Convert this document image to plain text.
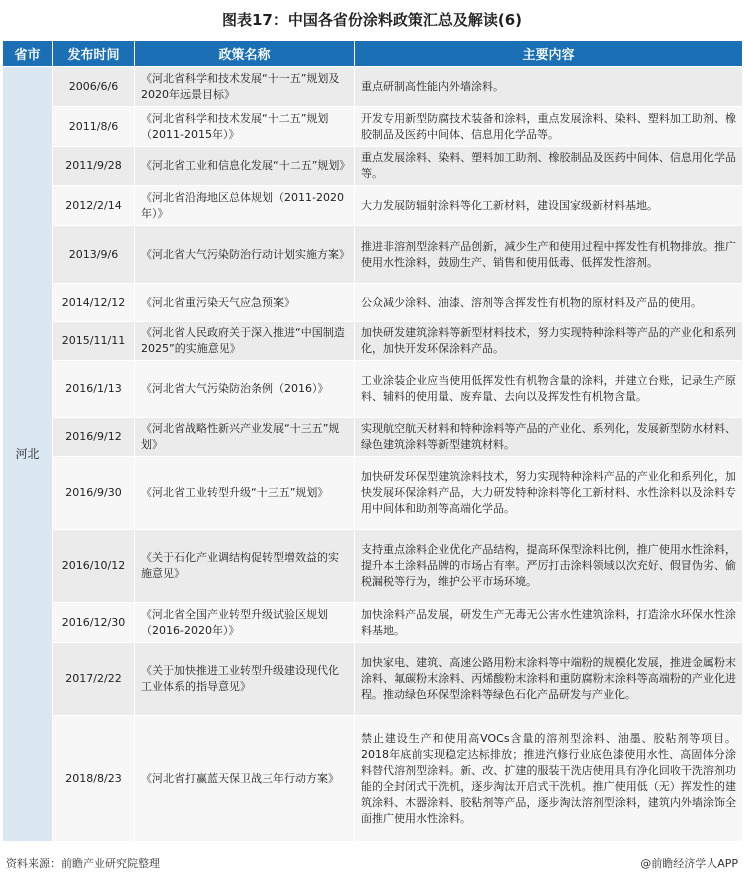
图表17：中国各省份涂料政策汇总及解读(6)
省市	发布时间	政策名称	主要内容
河北	2006/6/6	《河北省科学和技术发展“十一五”规划及2020年远景目标》	重点研制高性能内外墙涂料。
	2011/8/6	《河北省科学和技术发展“十二五”规划（2011-2015年）》	开发专用新型防腐技术装备和涂料，重点发展涂料、染料、塑料加工助剂、橡胶制品及医药中间体、信息用化学品等。
	2011/9/28	《河北省工业和信息化发展“十二五”规划》	重点发展涂料、染料、塑料加工助剂、橡胶制品及医药中间体、信息用化学品等。
	2012/2/14	《河北省沿海地区总体规划（2011-2020年）》	大力发展防辐射涂料等化工新材料，建设国家级新材料基地。
	2013/9/6	《河北省大气污染防治行动计划实施方案》	推进非溶剂型涂料产品创新，减少生产和使用过程中挥发性有机物排放。推广使用水性涂料，鼓励生产、销售和使用低毒、低挥发性溶剂。
	2014/12/12	《河北省重污染天气应急预案》	公众减少涂料、油漆、溶剂等含挥发性有机物的原材料及产品的使用。
	2015/11/11	《河北省人民政府关于深入推进“中国制造2025”的实施意见》	加快研发建筑涂料等新型材料技术，努力实现特种涂料等产品的产业化和系列化，加快开发环保涂料产品。
	2016/1/13	《河北省大气污染防治条例（2016）》	工业涂装企业应当使用低挥发性有机物含量的涂料，并建立台账，记录生产原料、辅料的使用量、废弃量、去向以及挥发性有机物含量。
	2016/9/12	《河北省战略性新兴产业发展“十三五”规划》	实现航空航天材料和特种涂料等产品的产业化、系列化，发展新型防水材料、绿色建筑涂料等新型建筑材料。
	2016/9/30	《河北省工业转型升级“十三五”规划》	加快研发环保型建筑涂料技术，努力实现特种涂料产品的产业化和系列化，加快发展环保涂料产品，大力研发特种涂料等化工新材料、水性涂料以及涂料专用中间体和助剂等高端化学品。
	2016/10/12	《关于石化产业调结构促转型增效益的实施意见》	支持重点涂料企业优化产品结构，提高环保型涂料比例，推广使用水性涂料，提升本土涂料品牌的市场占有率。严厉打击涂料领域以次充好、假冒伪劣、偷税漏税等行为，维护公平市场环境。
	2016/12/30	《河北省全国产业转型升级试验区规划（2016-2020年）》	加快涂料产品发展，研发生产无毒无公害水性建筑涂料，打造涂水环保水性涂料基地。
	2017/2/22	《关于加快推进工业转型升级建设现代化工业体系的指导意见》	加快家电、建筑、高速公路用粉末涂料等中端粉的规模化发展，推进金属粉末涂料、氟碳粉末涂料、丙烯酸粉末涂料和重防腐粉末涂料等高端粉的产业化进程。推动绿色环保型涂料等绿色石化产品研发与产业化。
	2018/8/23	《河北省打赢蓝天保卫战三年行动方案》	禁止建设生产和使用高VOCs含量的溶剂型涂料、油墨、胶粘剂等项目。2018年底前实现稳定达标排放；推进汽修行业底色漆使用水性、高固体分涂料替代溶剂型涂料。新、改、扩建的服装干洗店使用具有净化回收干洗溶剂功能的全封闭式干洗机，逐步淘汰开启式干洗机。推广使用低（无）挥发性的建筑涂料、木器涂料、胶粘剂等产品，逐步淘汰溶剂型涂料，建筑内外墙涂饰全面推广使用水性涂料。
资料来源：前瞻产业研究院整理	@前瞻经济学人APP
